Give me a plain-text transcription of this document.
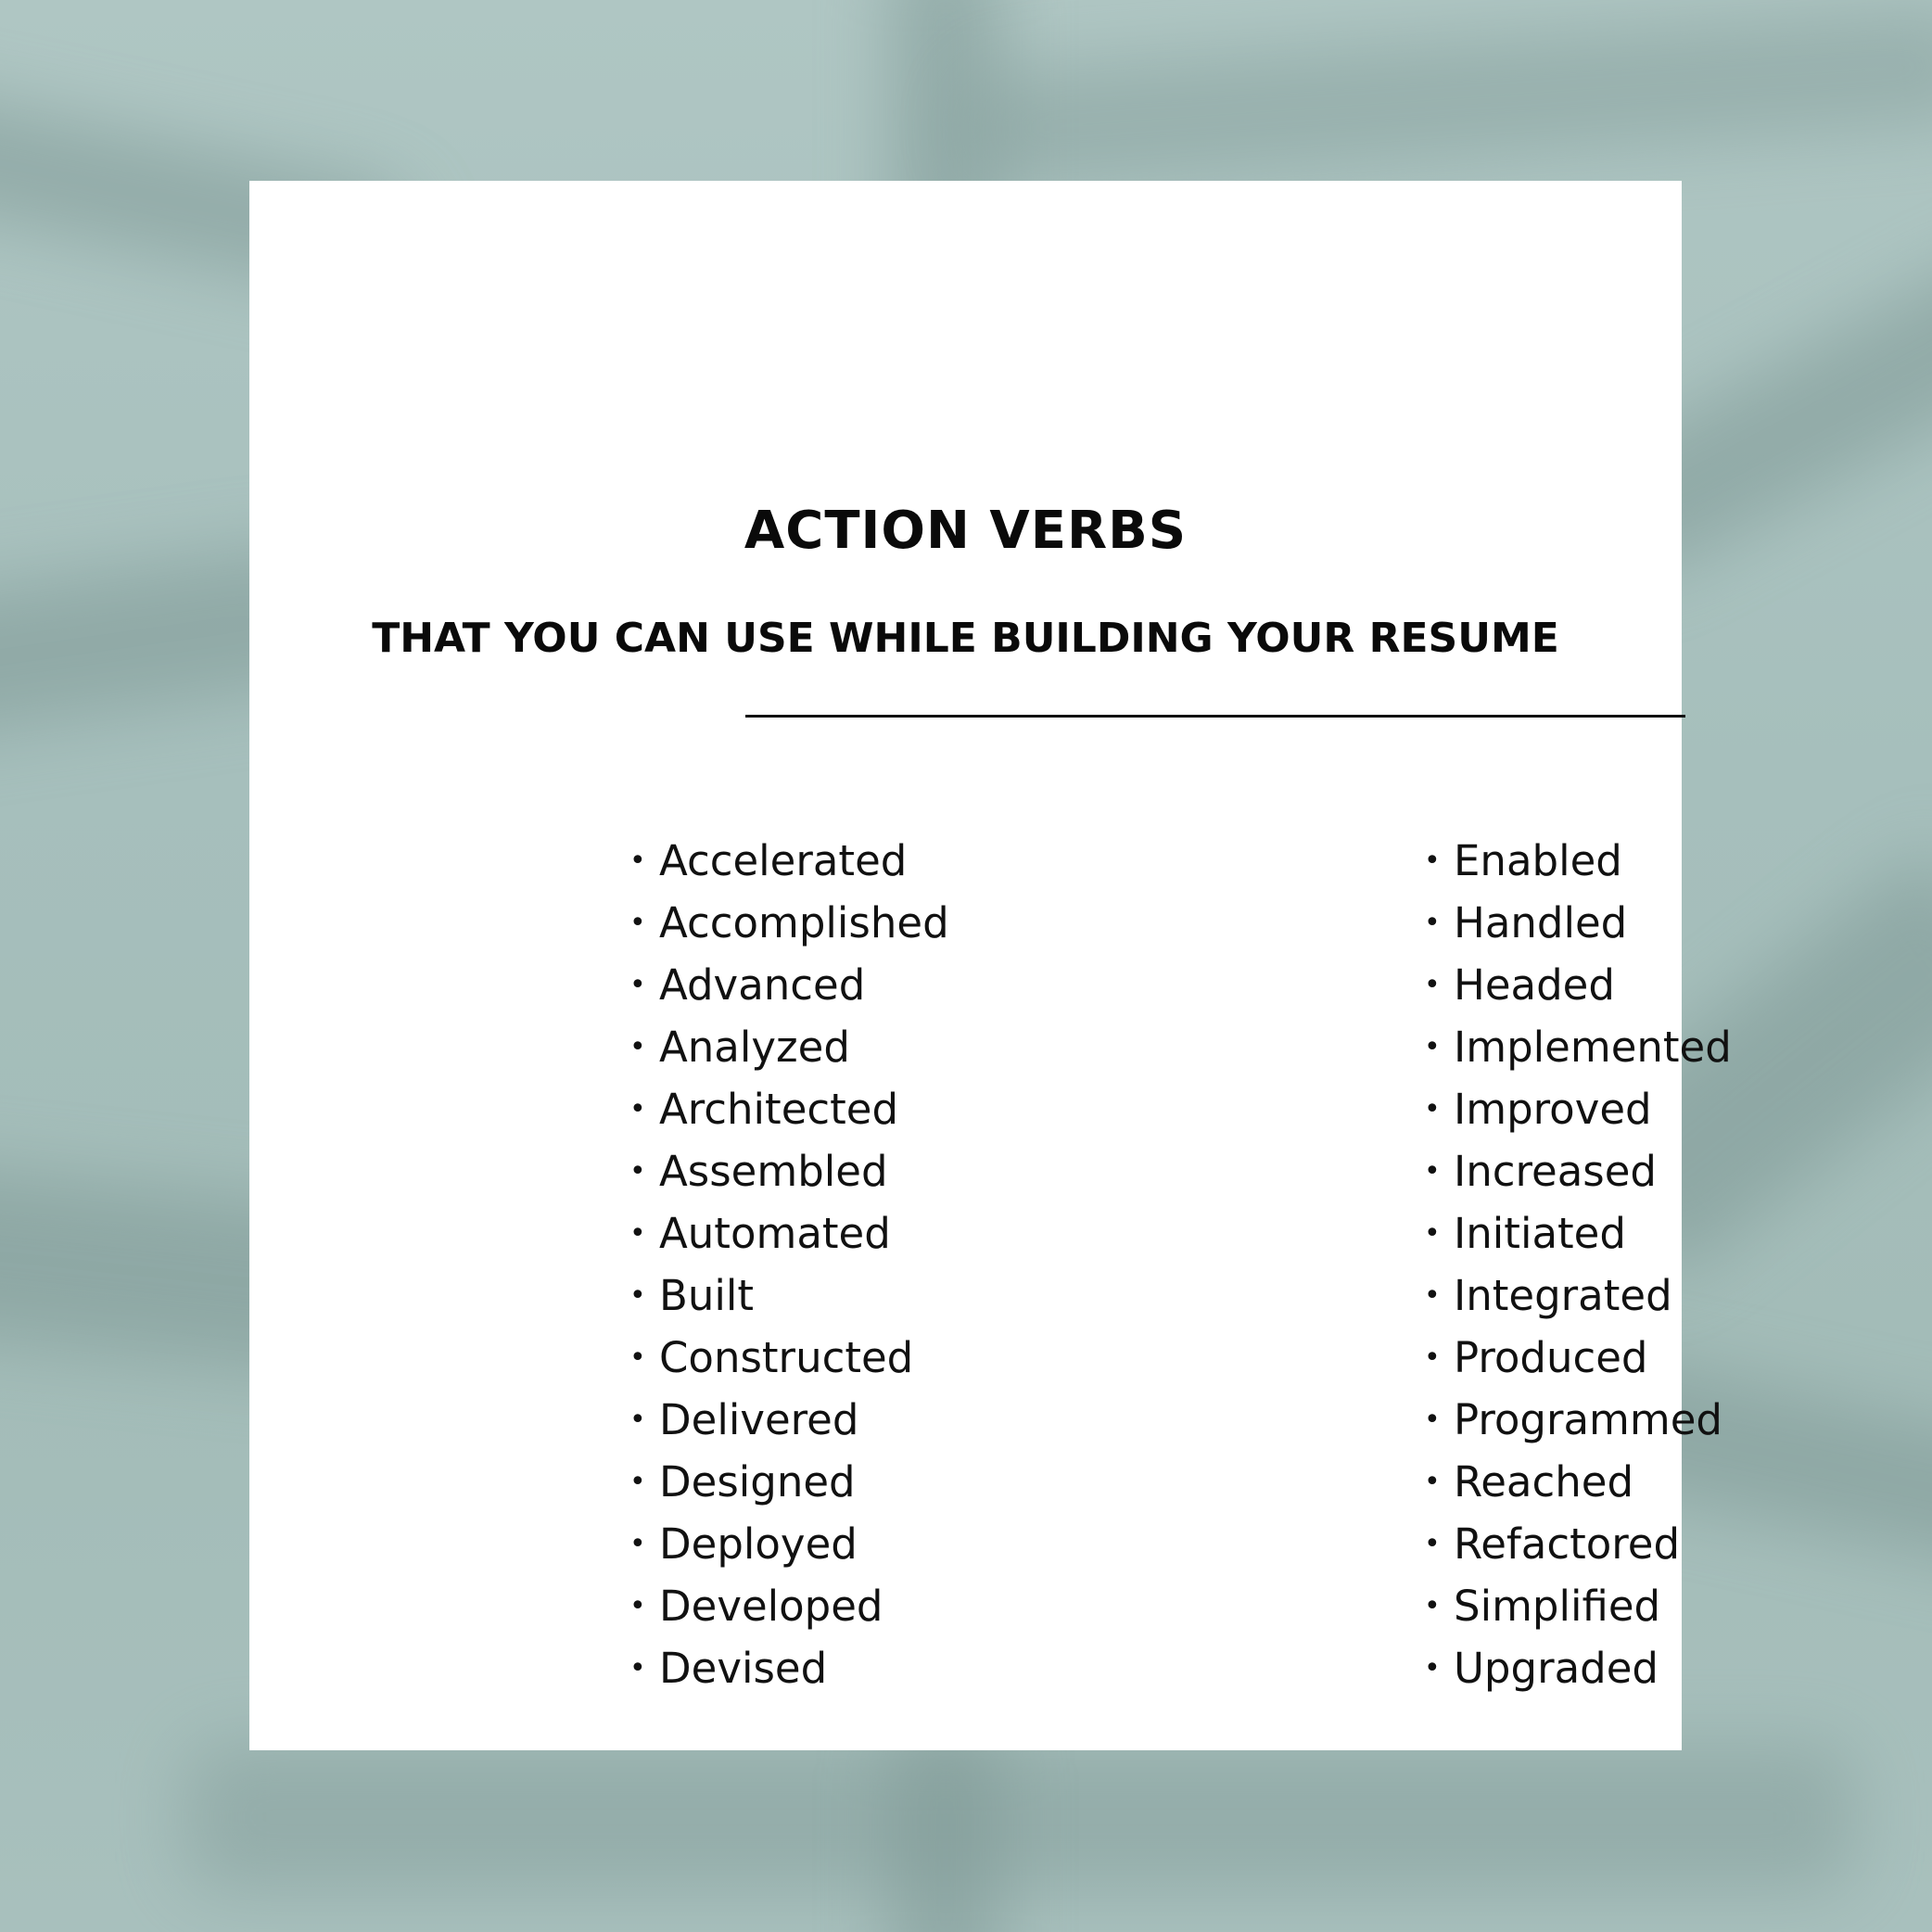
ACTION VERBS
THAT YOU CAN USE WHILE BUILDING YOUR RESUME
• Accelerated
• Accomplished
• Advanced
• Analyzed
• Architected
• Assembled
• Automated
• Built
• Constructed
• Delivered
• Designed
• Deployed
• Developed
• Devised
• Enabled
• Handled
• Headed
• Implemented
• Improved
• Increased
• Initiated
• Integrated
• Produced
• Programmed
• Reached
• Refactored
• Simplified
• Upgraded
